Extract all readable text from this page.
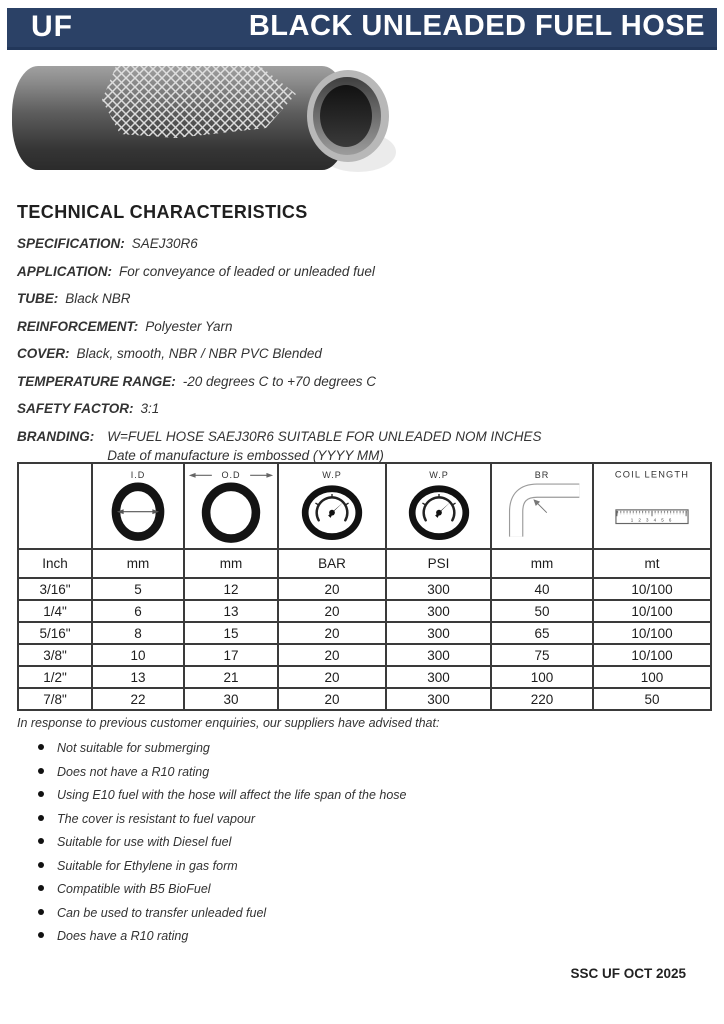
UF	BLACK UNLEADED FUEL HOSE
TECHNICAL CHARACTERISTICS
SPECIFICATION: SAEJ30R6
APPLICATION: For conveyance of leaded or unleaded fuel
TUBE: Black NBR
REINFORCEMENT: Polyester Yarn
COVER: Black, smooth, NBR / NBR PVC Blended
TEMPERATURE RANGE: -20 degrees C to +70 degrees C
SAFETY FACTOR: 3:1
BRANDING: W=FUEL HOSE SAEJ30R6 SUITABLE FOR UNLEADED NOM INCHES
Date of manufacture is embossed (YYYY MM)

I.D	O.D	W.P	W.P	BR	COIL LENGTH
1 2 3 4 5 6

Inch	mm	mm	BAR	PSI	mm	mt
3/16"	5	12	20	300	40	10/100
1/4"	6	13	20	300	50	10/100
5/16"	8	15	20	300	65	10/100
3/8"	10	17	20	300	75	10/100
1/2"	13	21	20	300	100	100
7/8"	22	30	20	300	220	50
In response to previous customer enquiries, our suppliers have advised that:
Not suitable for submerging
Does not have a R10 rating
Using E10 fuel with the hose will affect the life span of the hose
The cover is resistant to fuel vapour
Suitable for use with Diesel fuel
Suitable for Ethylene in gas form
Compatible with B5 BioFuel
Can be used to transfer unleaded fuel
Does have a R10 rating
SSC UF OCT 2025
